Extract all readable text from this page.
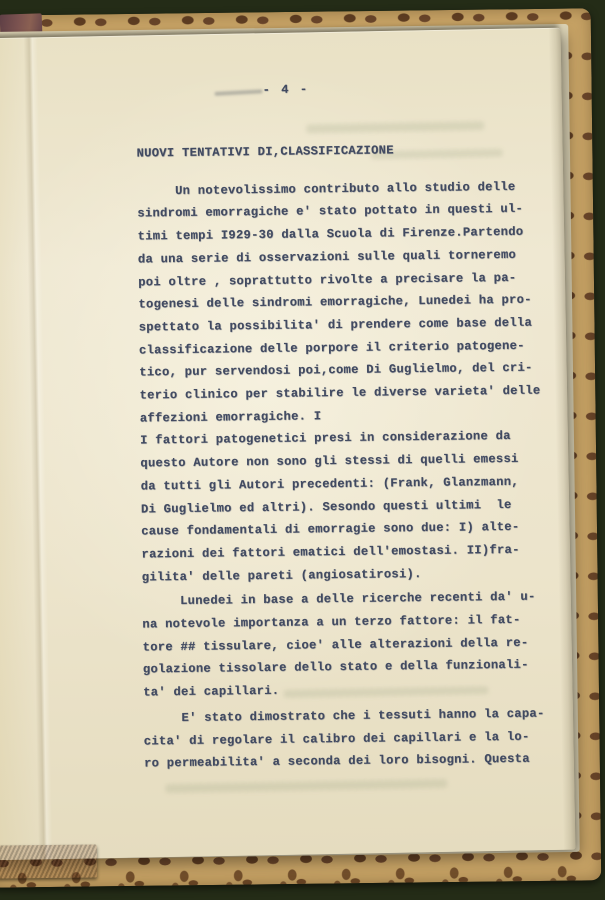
- 4 -
NUOVI TENTATIVI DI,CLASSIFICAZIONE
Un notevolissimo contributo allo studio delle
sindromi emorragiche e' stato pottato in questi ul-
timi tempi I929-30 dalla Scuola di Firenze.Partendo
da una serie di osservazioni sulle quali torneremo
poi oltre , soprattutto rivolte a precisare la pa-
togenesi delle sindromi emorragiche, Lunedei ha pro-
spettato la possibilita' di prendere come base della
classificazione delle porpore il criterio patogene-
tico, pur servendosi poi,come Di Guglielmo, del cri-
terio clinico per stabilire le diverse varieta' delle
affezioni emorragiche. I
I fattori patogenetici presi in considerazione da
questo Autore non sono gli stessi di quelli emessi
da tutti gli Autori precedenti: (Frank, Glanzmann,
Di Guglielmo ed altri). Sesondo questi ultimi  le
cause fondamentali di emorragie sono due: I) alte-
razioni dei fattori ematici dell'emostasi. II)fra-
gilita' delle pareti (angiosatirosi).
Lunedei in base a delle ricerche recenti da' u-
na notevole importanza a un terzo fattore: il fat-
tore ## tissulare, cioe' alle alterazioni della re-
golazione tissolare dello stato e della funzionali-
ta' dei capillari.
E' stato dimostrato che i tessuti hanno la capa-
cita' di regolare il calibro dei capillari e la lo-
ro permeabilita' a seconda dei loro bisogni. Questa
